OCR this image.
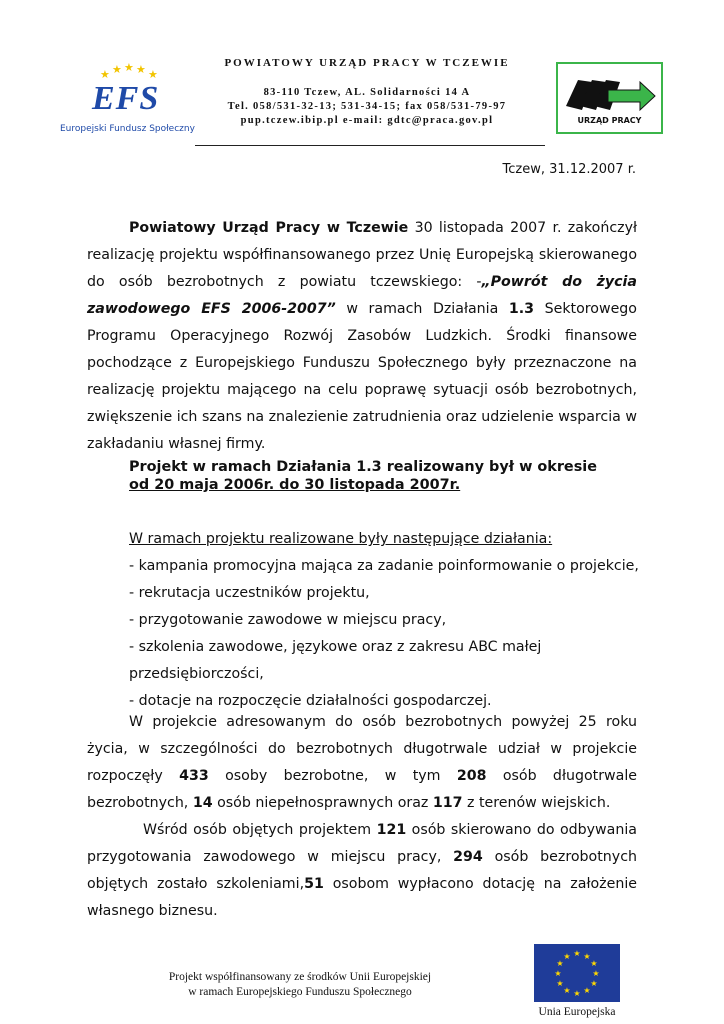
★ ★ ★ ★ ★
EFS
Europejski Fundusz Społeczny
POWIATOWY URZĄD PRACY W TCZEWIE
83-110 Tczew, AL. Solidarności 14 A
Tel. 058/531-32-13; 531-34-15; fax 058/531-79-97
pup.tczew.ibip.pl e-mail: gdtc@praca.gov.pl	URZĄD PRACY
Tczew, 31.12.2007 r.

Powiatowy Urząd Pracy w Tczewie 30 listopada 2007 r. zakończył realizację projektu współfinansowanego przez Unię Europejską skierowanego do osób bezrobotnych z powiatu tczewskiego: -„Powrót do życia zawodowego EFS 2006-2007” w ramach Działania 1.3 Sektorowego Programu Operacyjnego Rozwój Zasobów Ludzkich. Środki finansowe pochodzące z Europejskiego Funduszu Społecznego były przeznaczone na realizację projektu mającego na celu poprawę sytuacji osób bezrobotnych, zwiększenie ich szans na znalezienie zatrudnienia oraz udzielenie wsparcia w zakładaniu własnej firmy.

Projekt w ramach Działania 1.3 realizowany był w okresie
od 20 maja 2006r. do 30 listopada 2007r.
W ramach projektu realizowane były następujące działania:
- kampania promocyjna mająca za zadanie poinformowanie o projekcie,
- rekrutacja uczestników projektu,
- przygotowanie zawodowe w miejscu pracy,
- szkolenia zawodowe, językowe oraz z zakresu ABC małej przedsiębiorczości,
- dotacje na rozpoczęcie działalności gospodarczej.

W projekcie adresowanym do osób bezrobotnych powyżej 25 roku życia, w szczególności do bezrobotnych długotrwale udział w projekcie rozpoczęły 433 osoby bezrobotne, w tym 208 osób długotrwale bezrobotnych, 14 osób niepełnosprawnych oraz 117 z terenów wiejskich.

Wśród osób objętych projektem 121 osób skierowano do odbywania przygotowania zawodowego w miejscu pracy, 294 osób bezrobotnych objętych zostało szkoleniami,51 osobom wypłacono dotację na założenie własnego biznesu.

Projekt współfinansowany ze środków Unii Europejskiej
w ramach Europejskiego Funduszu Społecznego
★ ★
★
★
★
★
★
★
★
★
★
★
Unia Europejska
